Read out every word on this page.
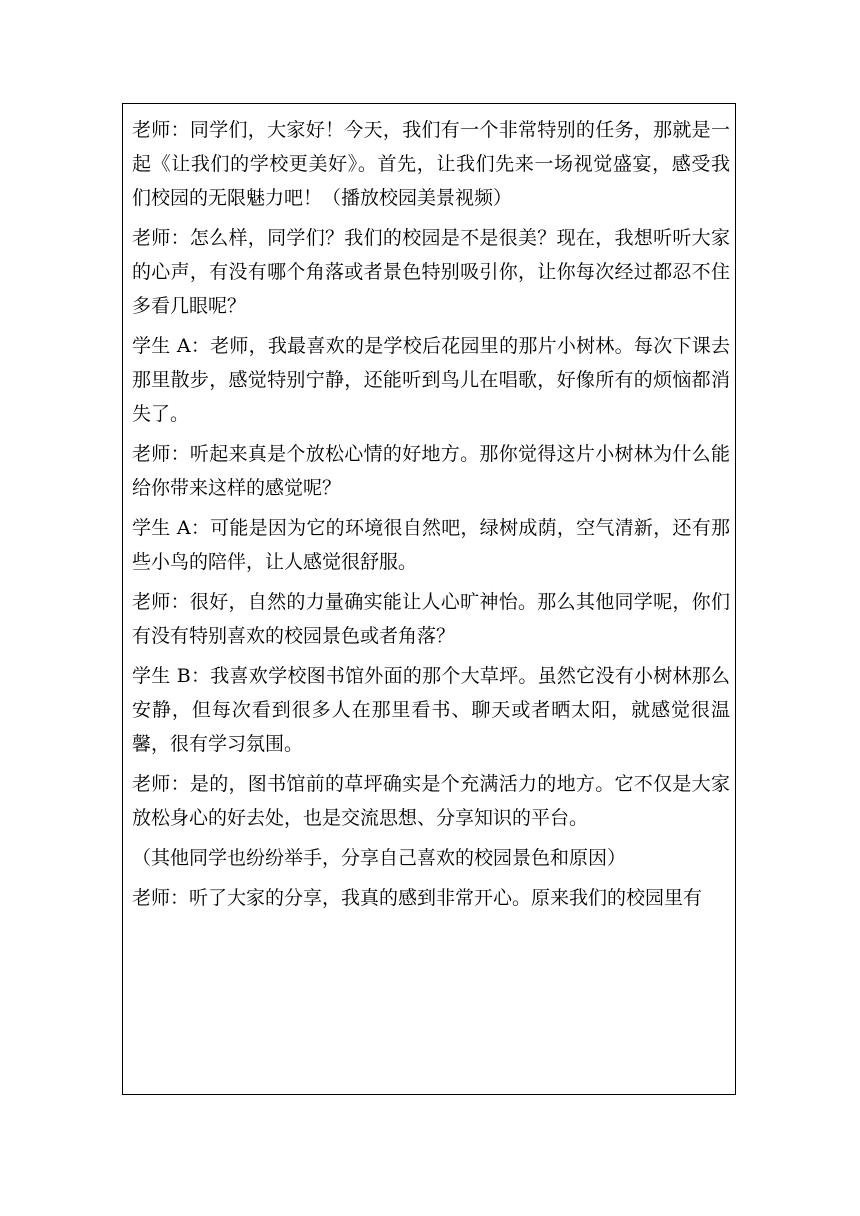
老师：同学们，大家好！今天，我们有一个非常特别的任务，那就是一起《让我们的学校更美好》。首先，让我们先来一场视觉盛宴，感受我们校园的无限魅力吧！（播放校园美景视频）

老师：怎么样，同学们？我们的校园是不是很美？现在，我想听听大家的心声，有没有哪个角落或者景色特别吸引你，让你每次经过都忍不住多看几眼呢？

学生 A：老师，我最喜欢的是学校后花园里的那片小树林。每次下课去那里散步，感觉特别宁静，还能听到鸟儿在唱歌，好像所有的烦恼都消失了。

老师：听起来真是个放松心情的好地方。那你觉得这片小树林为什么能给你带来这样的感觉呢？

学生 A：可能是因为它的环境很自然吧，绿树成荫，空气清新，还有那些小鸟的陪伴，让人感觉很舒服。

老师：很好，自然的力量确实能让人心旷神怡。那么其他同学呢，你们有没有特别喜欢的校园景色或者角落？

学生 B：我喜欢学校图书馆外面的那个大草坪。虽然它没有小树林那么安静，但每次看到很多人在那里看书、聊天或者晒太阳，就感觉很温馨，很有学习氛围。

老师：是的，图书馆前的草坪确实是个充满活力的地方。它不仅是大家放松身心的好去处，也是交流思想、分享知识的平台。

（其他同学也纷纷举手，分享自己喜欢的校园景色和原因）

老师：听了大家的分享，我真的感到非常开心。原来我们的校园里有
